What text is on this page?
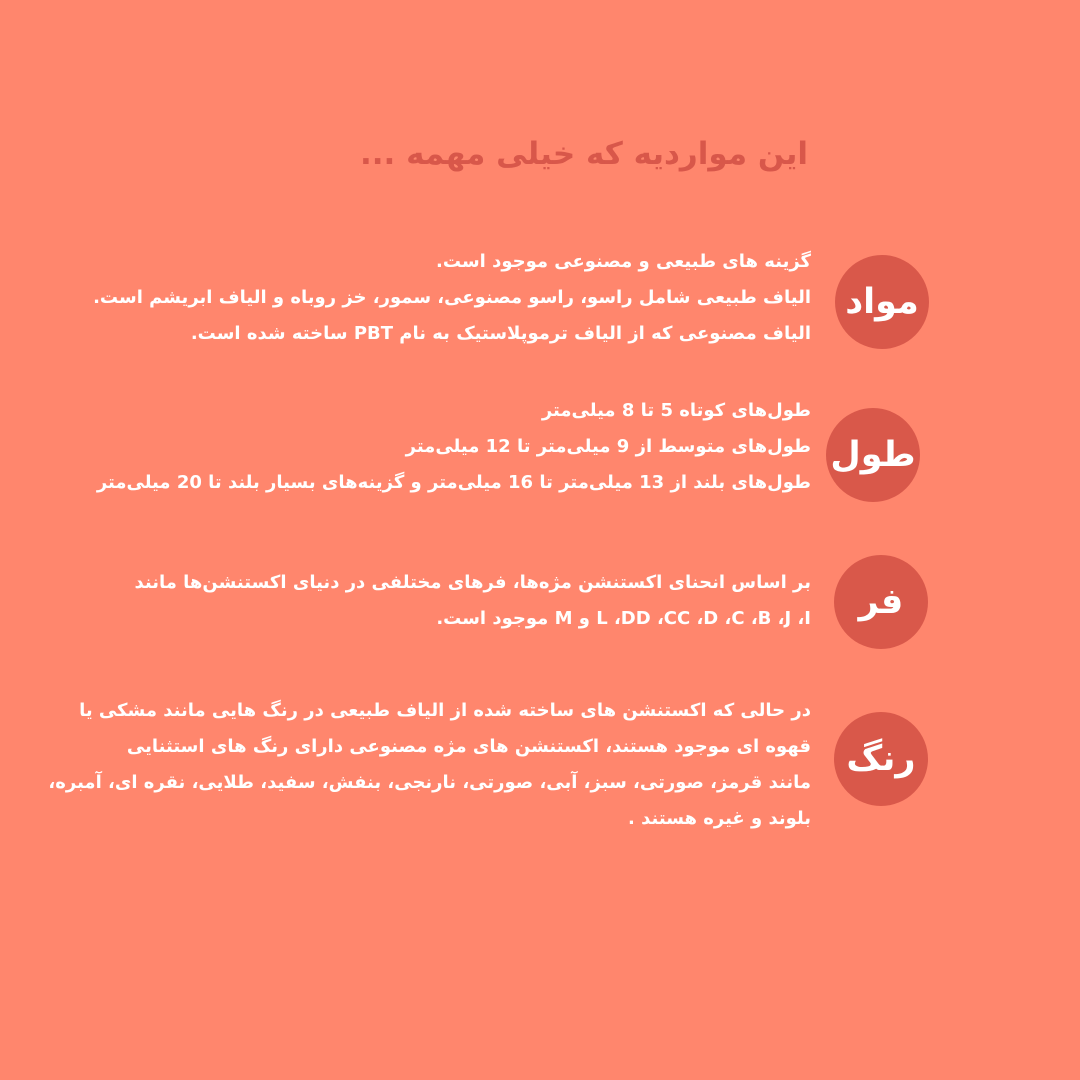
این مواردیه که خیلی مهمه ...
مواد
گزینه های طبیعی و مصنوعی موجود است.
الیاف طبیعی شامل راسو، راسو مصنوعی، سمور، خز روباه و الیاف ابریشم است.
الیاف مصنوعی که از الیاف ترموپلاستیک به نام PBT ساخته شده است.
طول
طول‌های کوتاه 5 تا 8 میلی‌متر
طول‌های متوسط از 9 میلی‌متر تا 12 میلی‌متر
طول‌های بلند از 13 میلی‌متر تا 16 میلی‌متر و گزینه‌های بسیار بلند تا 20 میلی‌متر
فر
بر اساس انحنای اکستنشن مژه‌ها، فرهای مختلفی در دنیای اکستنشن‌ها مانند
L ،DD ،CC ،D ،C ،B ،J ،I و M موجود است.
رنگ
در حالی که اکستنشن های ساخته شده از الیاف طبیعی در رنگ هایی مانند مشکی یا
قهوه ای موجود هستند، اکستنشن های مژه مصنوعی دارای رنگ های استثنایی
مانند قرمز، صورتی، سبز، آبی، صورتی، نارنجی، بنفش، سفید، طلایی، نقره ای، آمبره،
بلوند و غیره هستند .
